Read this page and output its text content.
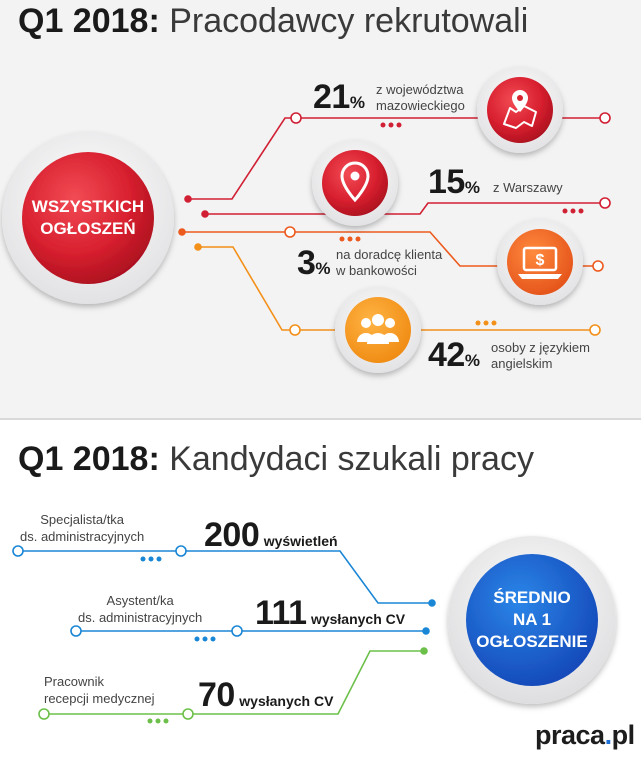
Q1 2018: Pracodawcy rekrutowali
$
WSZYSTKICH
OGŁOSZEŃ
21%
z województwa
mazowieckiego
15% z Warszawy
3%
na doradcę klienta
w bankowości
42%
osoby z językiem
angielskim
Q1 2018: Kandydaci szukali pracy
ŚREDNIO
NA 1
OGŁOSZENIE
Specjalista/tka
ds. administracyjnych 200 wyświetleń
Asystent/ka
ds. administracyjnych 111 wysłanych CV
Pracownik
recepcji medycznej 70 wysłanych CV
praca.pl
